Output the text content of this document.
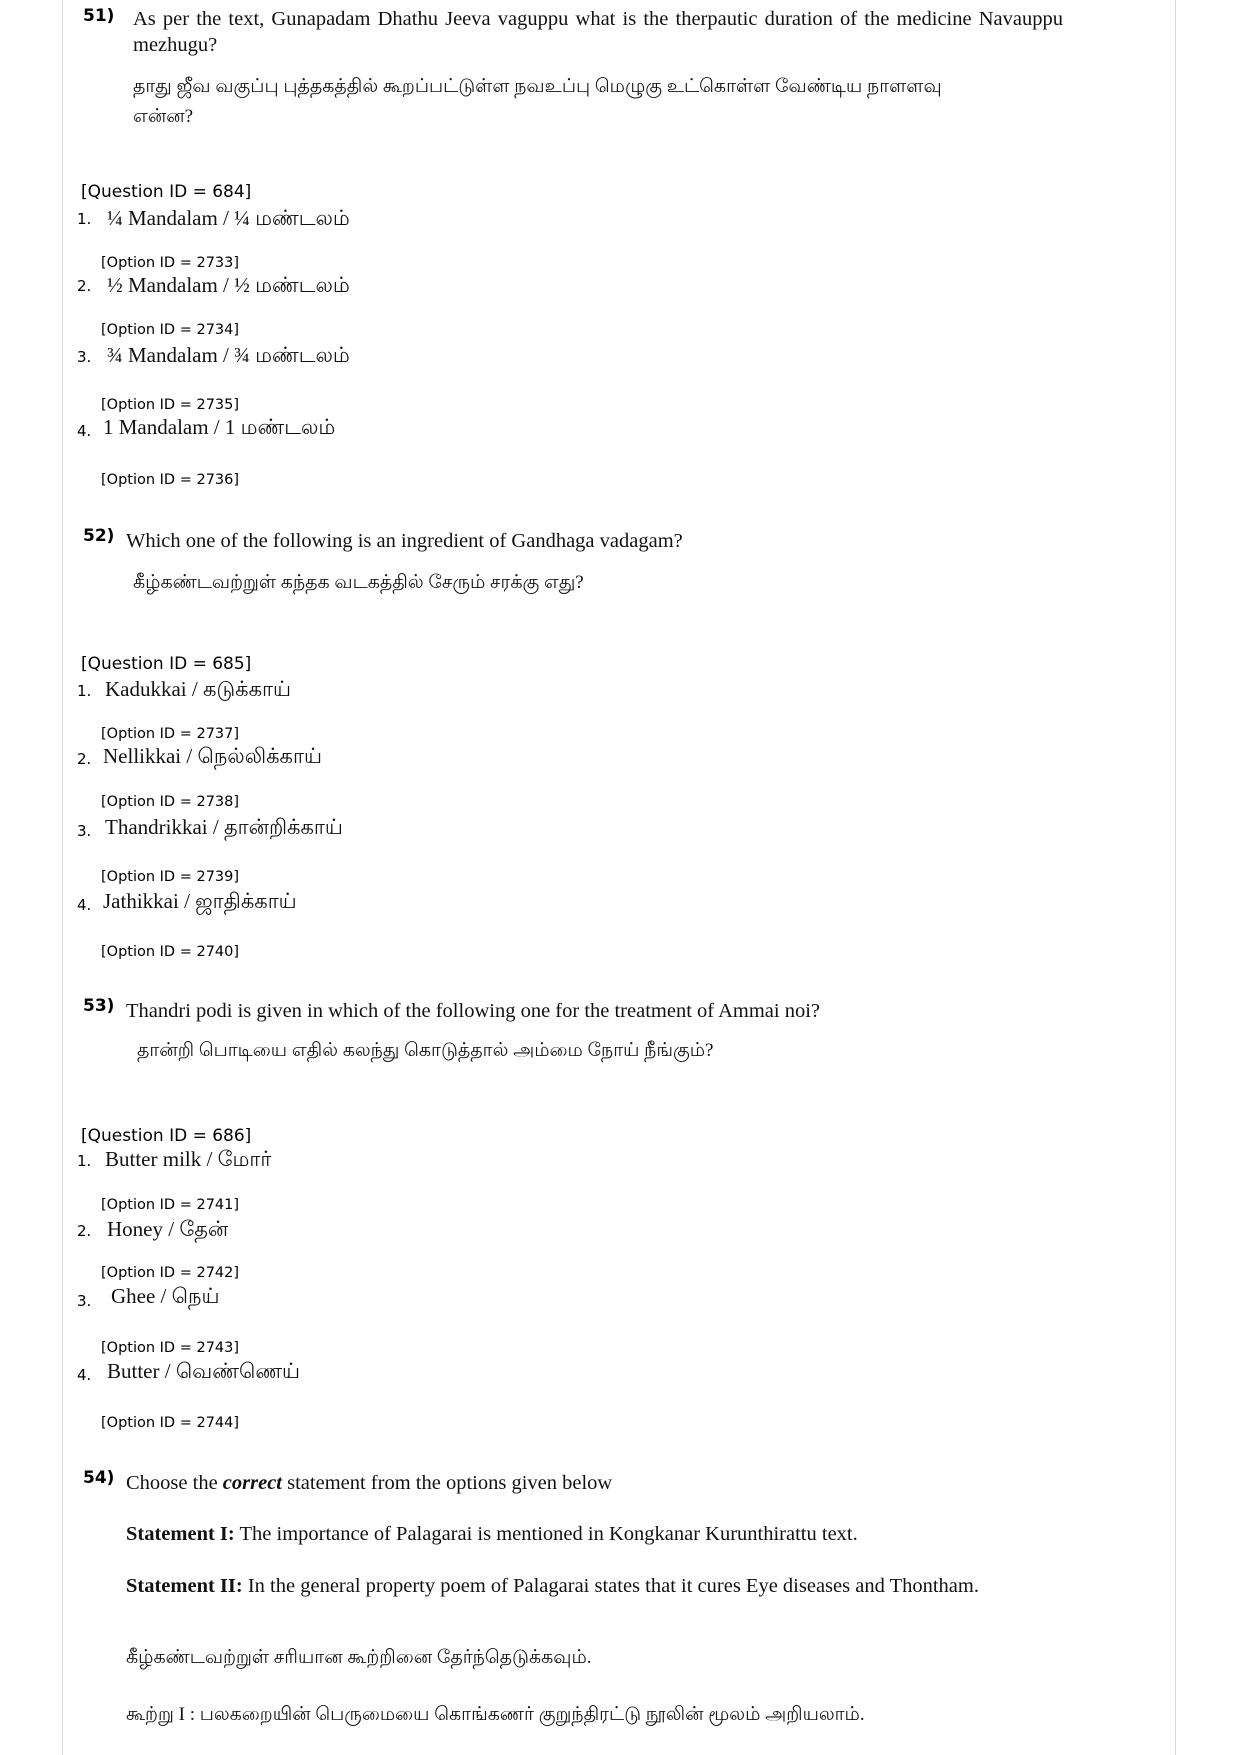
51) As per the text, Gunapadam Dhathu Jeeva vaguppu what is the therpautic duration of the medicine Navauppu mezhugu?
தாது ஜீவ வகுப்பு புத்தகத்தில் கூறப்பட்டுள்ள நவஉப்பு மெழுகு உட்கொள்ள வேண்டிய நாளளவு என்ன?
[Question ID = 684]
1. ¼ Mandalam / ¼ மண்டலம்
[Option ID = 2733]
2. ½ Mandalam / ½ மண்டலம்
[Option ID = 2734]
3. ¾ Mandalam / ¾ மண்டலம்
[Option ID = 2735]
4. 1 Mandalam / 1 மண்டலம்
[Option ID = 2736]
52) Which one of the following is an ingredient of Gandhaga vadagam?
கீழ்கண்டவற்றுள் கந்தக வடகத்தில் சேரும் சரக்கு எது?
[Question ID = 685]
1. Kadukkai / கடுக்காய்
[Option ID = 2737]
2. Nellikkai / நெல்லிக்காய்
[Option ID = 2738]
3. Thandrikkai / தான்றிக்காய்
[Option ID = 2739]
4. Jathikkai / ஜாதிக்காய்
[Option ID = 2740]
53) Thandri podi is given in which of the following one for the treatment of Ammai noi?
தான்றி பொடியை எதில் கலந்து கொடுத்தால் அம்மை நோய் நீங்கும்?
[Question ID = 686]
1. Butter milk / மோர்
[Option ID = 2741]
2. Honey / தேன்
[Option ID = 2742]
3. Ghee / நெய்
[Option ID = 2743]
4. Butter / வெண்ணெய்
[Option ID = 2744]
54) Choose the correct statement from the options given below
Statement I: The importance of Palagarai is mentioned in Kongkanar Kurunthirattu text.
Statement II: In the general property poem of Palagarai states that it cures Eye diseases and Thontham.
கீழ்கண்டவற்றுள் சரியான கூற்றினை தேர்ந்தெடுக்கவும்.
கூற்று I : பலகறையின் பெருமையை கொங்கணர் குறுந்திரட்டு நூலின் மூலம் அறியலாம்.
